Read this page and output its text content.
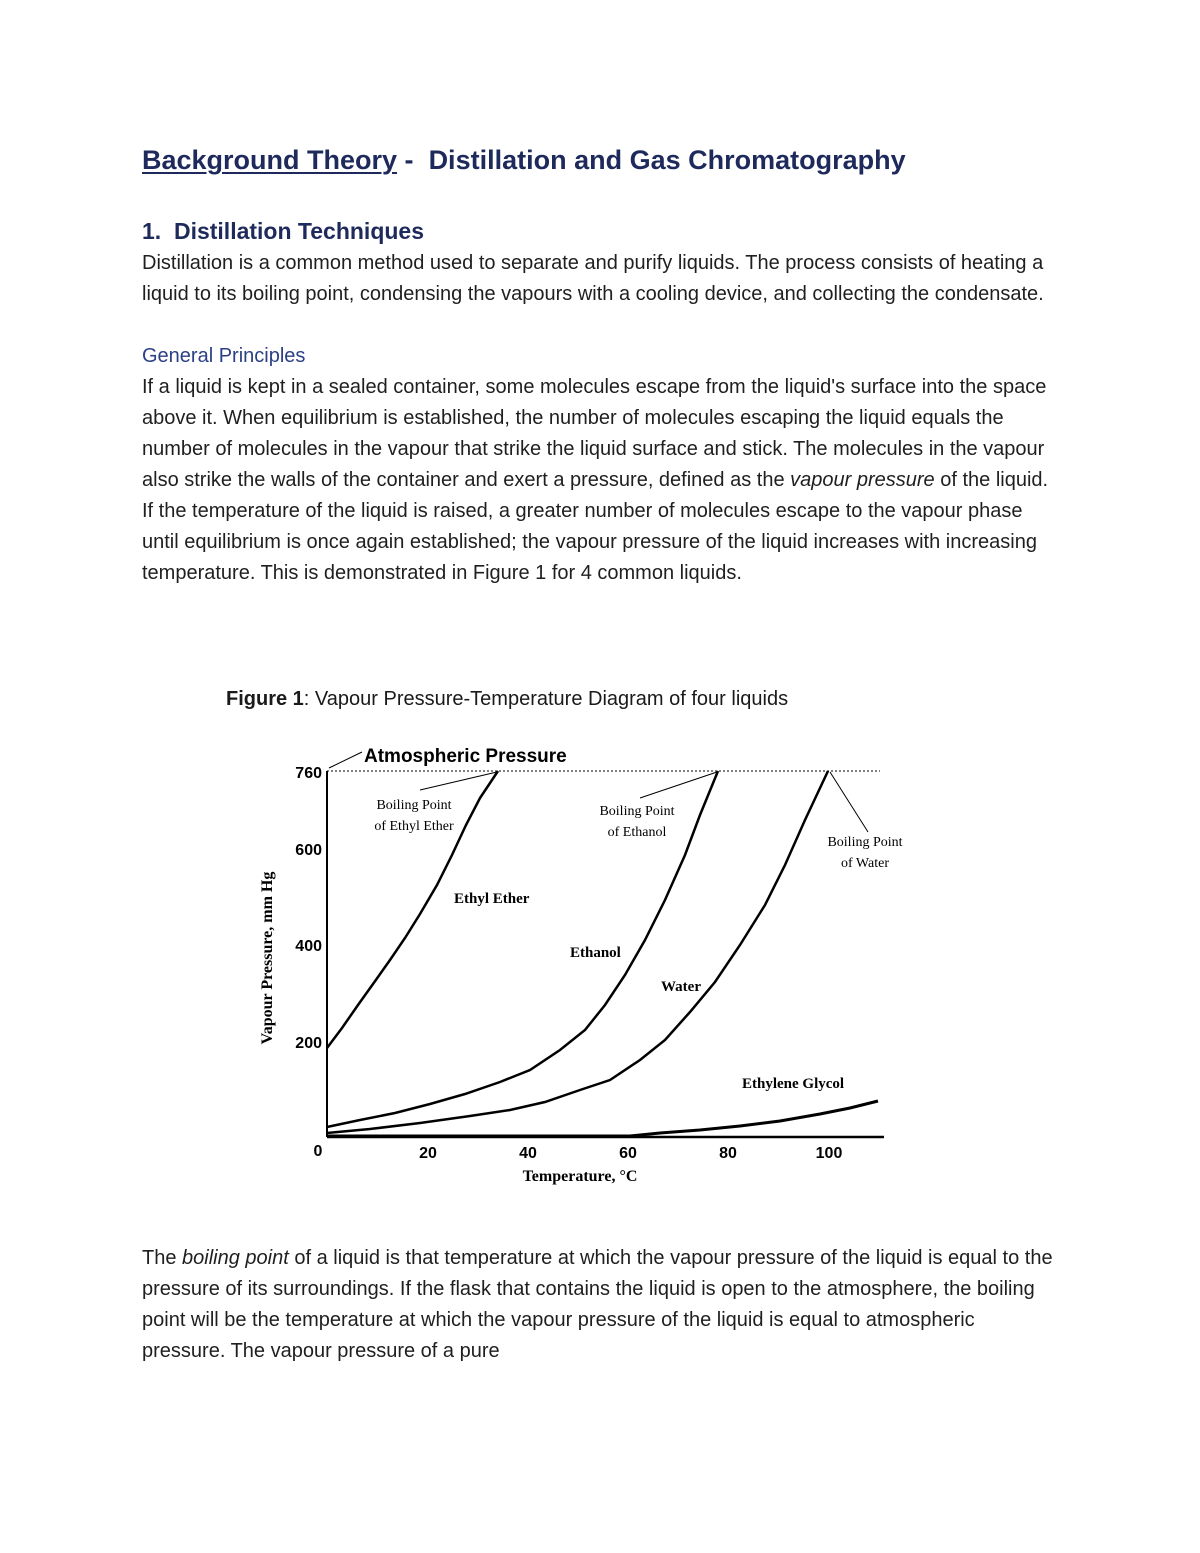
Background Theory -  Distillation and Gas Chromatography
1.  Distillation Techniques

Distillation is a common method used to separate and purify liquids. The process consists of heating a liquid to its boiling point, condensing the vapours with a cooling device, and collecting the condensate.

General Principles

If a liquid is kept in a sealed container, some molecules escape from the liquid's surface into the space above it. When equilibrium is established, the number of molecules escaping the liquid equals the number of molecules in the vapour that strike the liquid surface and stick. The molecules in the vapour also strike the walls of the container and exert a pressure, defined as the vapour pressure of the liquid. If the temperature of the liquid is raised, a greater number of molecules escape to the vapour phase until equilibrium is once again established; the vapour pressure of the liquid increases with increasing temperature. This is demonstrated in Figure 1 for 4 common liquids.

Figure 1: Vapour Pressure-Temperature Diagram of four liquids
Atmospheric Pressure
Boiling Point
of Ethyl Ether
Boiling Point
of Ethanol
Boiling Point
of Water
Ethyl Ether
Ethanol
Water
Ethylene Glycol
760
600
400
200
0	20	40	60	80	100
Temperature, °C
Vapour Pressure, mm Hg

The boiling point of a liquid is that temperature at which the vapour pressure of the liquid is equal to the pressure of its surroundings. If the flask that contains the liquid is open to the atmosphere, the boiling point will be the temperature at which the vapour pressure of the liquid is equal to atmospheric pressure. The vapour pressure of a pure
